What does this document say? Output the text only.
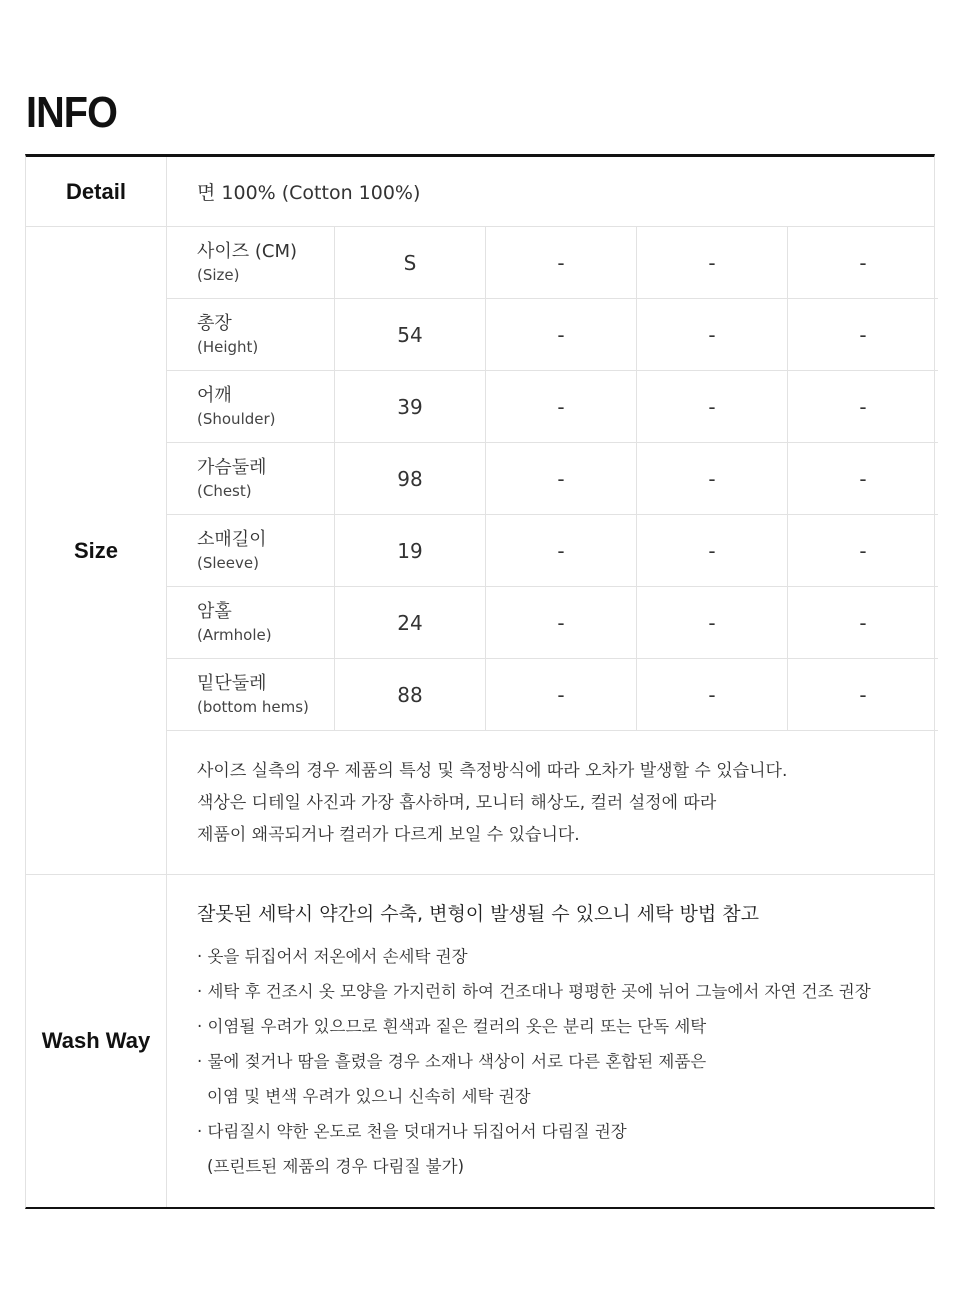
INFO
Detail	면 100% (Cotton 100%)
Size
사이즈 (CM)
(Size)	S	-	-	-
총장
(Height)	54	-	-	-
어깨
(Shoulder)	39	-	-	-
가슴둘레
(Chest)	98	-	-	-
소매길이
(Sleeve)	19	-	-	-
암홀
(Armhole)	24	-	-	-
밑단둘레
(bottom hems)	88	-	-	-
사이즈 실측의 경우 제품의 특성 및 측정방식에 따라 오차가 발생할 수 있습니다.
색상은 디테일 사진과 가장 흡사하며, 모니터 해상도, 컬러 설정에 따라
제품이 왜곡되거나 컬러가 다르게 보일 수 있습니다.
Wash Way
잘못된 세탁시 약간의 수축, 변형이 발생될 수 있으니 세탁 방법 참고
· 옷을 뒤집어서 저온에서 손세탁 권장
· 세탁 후 건조시 옷 모양을 가지런히 하여 건조대나 평평한 곳에 뉘어 그늘에서 자연 건조 권장
· 이염될 우려가 있으므로 흰색과 짙은 컬러의 옷은 분리 또는 단독 세탁
· 물에 젖거나 땀을 흘렸을 경우 소재나 색상이 서로 다른 혼합된 제품은
이염 및 변색 우려가 있으니 신속히 세탁 권장
· 다림질시 약한 온도로 천을 덧대거나 뒤집어서 다림질 권장
(프린트된 제품의 경우 다림질 불가)
